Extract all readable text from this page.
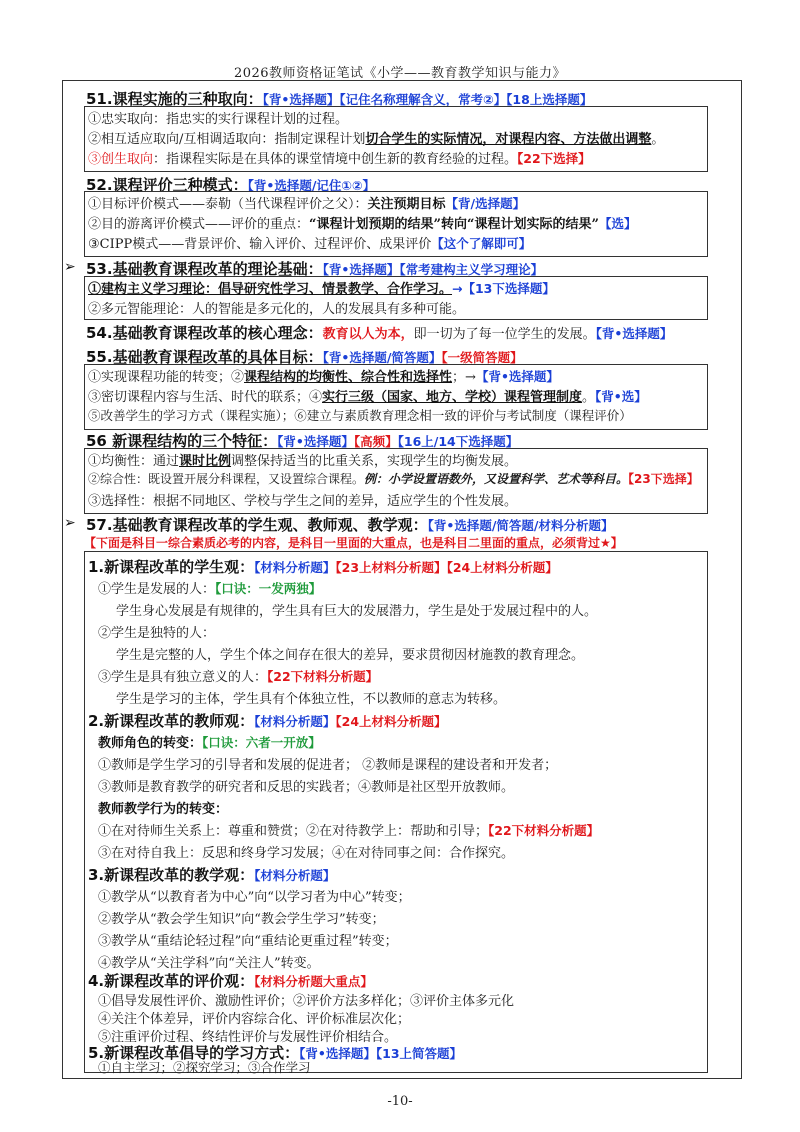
2026教师资格证笔试《小学——教育教学知识与能力》
51.课程实施的三种取向：【背•选择题】【记住名称理解含义，常考②】【18上选择题】
①忠实取向：指忠实的实行课程计划的过程。
②相互适应取向/互相调适取向：指制定课程计划切合学生的实际情况，对课程内容、方法做出调整。
③创生取向：指课程实际是在具体的课堂情境中创生新的教育经验的过程。【22下选择】
52.课程评价三种模式：【背•选择题/记住①②】
①目标评价模式——泰勒（当代课程评价之父）：关注预期目标【背/选择题】
②目的游离评价模式——评价的重点：“课程计划预期的结果”转向“课程计划实际的结果”【选】
③CIPP模式——背景评价、输入评价、过程评价、成果评价【这个了解即可】
➢ 53.基础教育课程改革的理论基础：【背•选择题】【常考建构主义学习理论】
①建构主义学习理论：倡导研究性学习、情景教学、合作学习。→【13下选择题】
②多元智能理论：人的智能是多元化的，人的发展具有多种可能。
54.基础教育课程改革的核心理念：教育以人为本，即一切为了每一位学生的发展。【背•选择题】
55.基础教育课程改革的具体目标：【背•选择题/简答题】【一级简答题】
①实现课程功能的转变；②课程结构的均衡性、综合性和选择性；→【背•选择题】
③密切课程内容与生活、时代的联系；④实行三级（国家、地方、学校）课程管理制度。【背•选】
⑤改善学生的学习方式（课程实施）；⑥建立与素质教育理念相一致的评价与考试制度（课程评价）
56 新课程结构的三个特征：【背•选择题】【高频】【16上/14下选择题】
①均衡性：通过课时比例调整保持适当的比重关系，实现学生的均衡发展。
②综合性：既设置开展分科课程，又设置综合课程。例：小学设置语数外，又设置科学、艺术等科目。【23下选择】
③选择性：根据不同地区、学校与学生之间的差异，适应学生的个性发展。
➢ 57.基础教育课程改革的学生观、教师观、教学观：【背•选择题/简答题/材料分析题】
【下面是科目一综合素质必考的内容，是科目一里面的大重点，也是科目二里面的重点，必须背过★】
1.新课程改革的学生观：【材料分析题】【23上材料分析题】【24上材料分析题】
①学生是发展的人：【口诀：一发两独】
学生身心发展是有规律的，学生具有巨大的发展潜力，学生是处于发展过程中的人。
②学生是独特的人：
学生是完整的人，学生个体之间存在很大的差异，要求贯彻因材施教的教育理念。
③学生是具有独立意义的人：【22下材料分析题】
学生是学习的主体，学生具有个体独立性，不以教师的意志为转移。
2.新课程改革的教师观：【材料分析题】【24上材料分析题】
教师角色的转变：【口诀：六者一开放】
①教师是学生学习的引导者和发展的促进者； ②教师是课程的建设者和开发者；
③教师是教育教学的研究者和反思的实践者；④教师是社区型开放教师。
教师教学行为的转变：
①在对待师生关系上：尊重和赞赏；②在对待教学上：帮助和引导；【22下材料分析题】
③在对待自我上：反思和终身学习发展；④在对待同事之间：合作探究。
3.新课程改革的教学观：【材料分析题】
①教学从“以教育者为中心”向“以学习者为中心”转变；
②教学从“教会学生知识”向“教会学生学习”转变；
③教学从“重结论轻过程”向“重结论更重过程”转变；
④教学从“关注学科”向“关注人”转变。
4.新课程改革的评价观：【材料分析题大重点】
①倡导发展性评价、激励性评价；②评价方法多样化；③评价主体多元化
④关注个体差异，评价内容综合化、评价标准层次化；
⑤注重评价过程、终结性评价与发展性评价相结合。
5.新课程改革倡导的学习方式：【背•选择题】【13上简答题】
①自主学习；②探究学习；③合作学习
-10-
